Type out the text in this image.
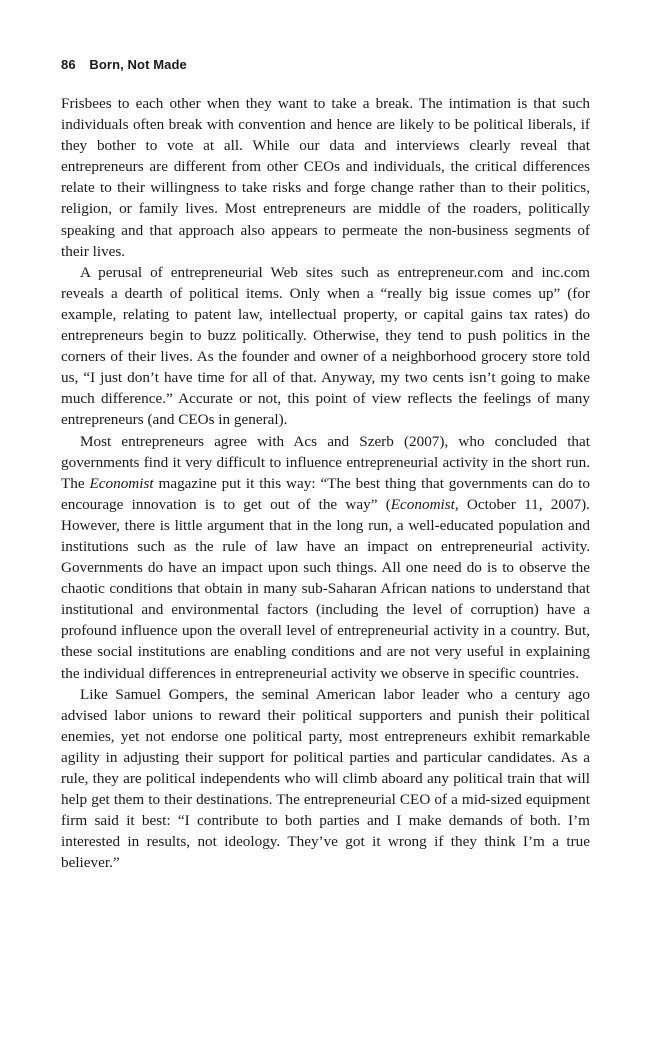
86 Born, Not Made

Frisbees to each other when they want to take a break. The intimation is that such individuals often break with convention and hence are likely to be political liberals, if they bother to vote at all. While our data and interviews clearly reveal that entrepreneurs are different from other CEOs and individuals, the critical differences relate to their willingness to take risks and forge change rather than to their politics, religion, or family lives. Most entrepreneurs are middle of the roaders, politically speaking and that approach also appears to permeate the non-business segments of their lives.

A perusal of entrepreneurial Web sites such as entrepreneur.com and inc.com reveals a dearth of political items. Only when a “really big issue comes up” (for example, relating to patent law, intellectual property, or capital gains tax rates) do entrepreneurs begin to buzz politically. Otherwise, they tend to push politics in the corners of their lives. As the founder and owner of a neighborhood grocery store told us, “I just don’t have time for all of that. Anyway, my two cents isn’t going to make much difference.” Accurate or not, this point of view reflects the feelings of many entrepreneurs (and CEOs in general).

Most entrepreneurs agree with Acs and Szerb (2007), who concluded that governments find it very difficult to influence entrepreneurial activity in the short run. The Economist magazine put it this way: “The best thing that governments can do to encourage innovation is to get out of the way” (Economist, October 11, 2007). However, there is little argument that in the long run, a well-educated population and institutions such as the rule of law have an impact on entrepreneurial activity. Governments do have an impact upon such things. All one need do is to observe the chaotic conditions that obtain in many sub-Saharan African nations to understand that institutional and environmental factors (including the level of corruption) have a profound influence upon the overall level of entrepreneurial activity in a country. But, these social institutions are enabling conditions and are not very useful in explaining the individual differences in entrepreneurial activity we observe in specific countries.

Like Samuel Gompers, the seminal American labor leader who a century ago advised labor unions to reward their political supporters and punish their political enemies, yet not endorse one political party, most entrepreneurs exhibit remarkable agility in adjusting their support for political parties and particular candidates. As a rule, they are political independents who will climb aboard any political train that will help get them to their destinations. The entrepreneurial CEO of a mid-sized equipment firm said it best: “I contribute to both parties and I make demands of both. I’m interested in results, not ideology. They’ve got it wrong if they think I’m a true believer.”
